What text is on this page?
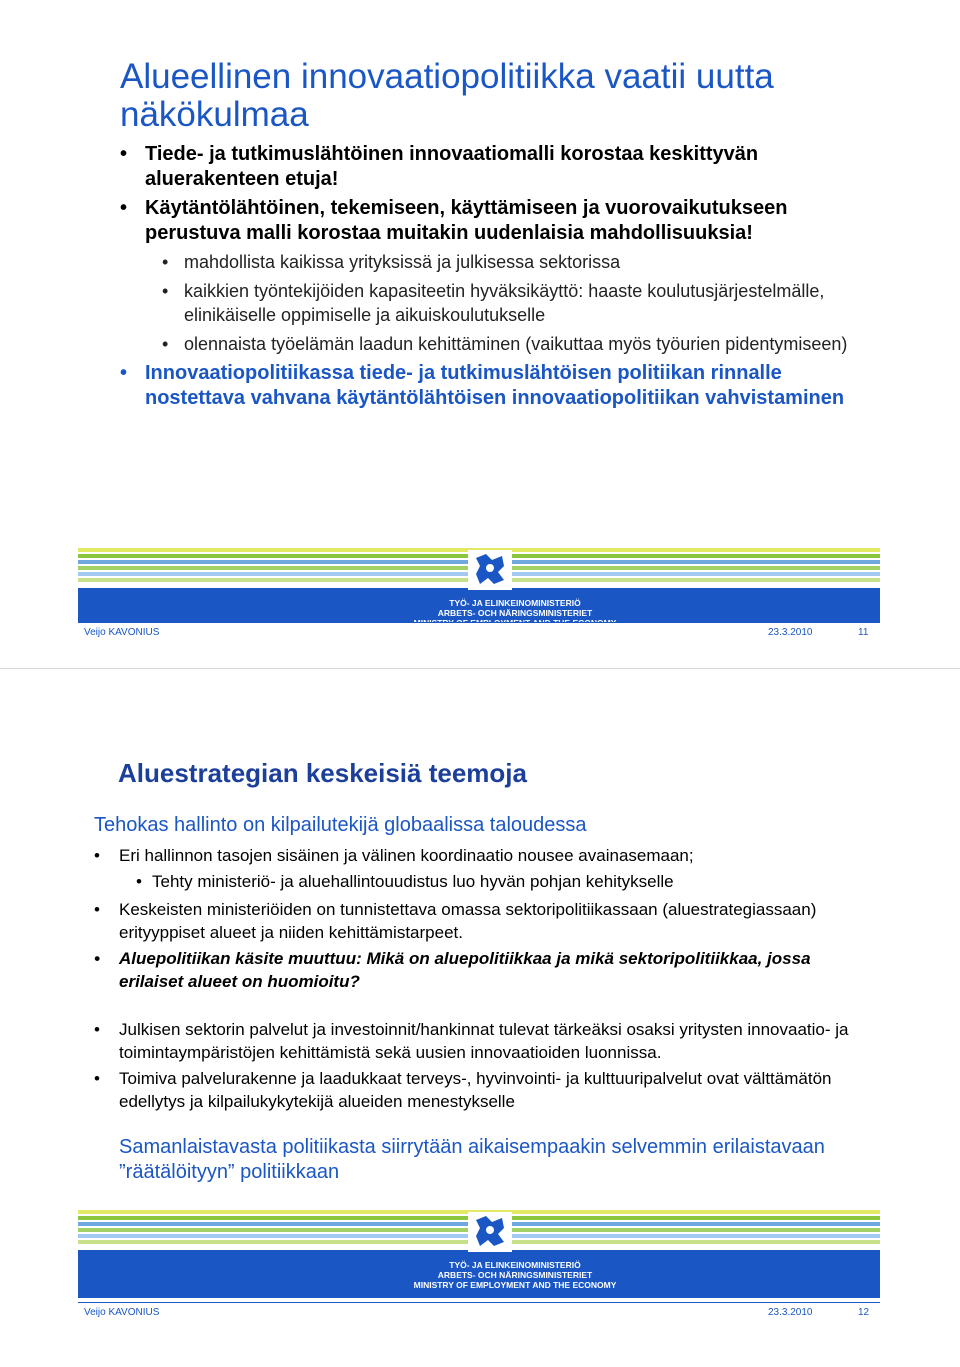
Alueellinen innovaatiopolitiikka vaatii uutta näkökulmaa

• Tiede- ja tutkimuslähtöinen innovaatiomalli korostaa keskittyvän aluerakenteen etuja!

• Käytäntölähtöinen, tekemiseen, käyttämiseen ja vuorovaikutukseen perustuva malli korostaa muitakin uudenlaisia mahdollisuuksia!

• mahdollista kaikissa yrityksissä ja julkisessa sektorissa

• kaikkien työntekijöiden kapasiteetin hyväksikäyttö: haaste koulutusjärjestelmälle, elinikäiselle oppimiselle ja aikuiskoulutukselle

• olennaista työelämän laadun kehittäminen (vaikuttaa myös työurien pidentymiseen)

• Innovaatiopolitiikassa tiede- ja tutkimuslähtöisen politiikan rinnalle nostettava vahvana käytäntölähtöisen innovaatiopolitiikan vahvistaminen

TYÖ- JA ELINKEINOMINISTERIÖ
ARBETS- OCH NÄRINGSMINISTERIET
Veijo KAVONIUS	23.3.2010	11
Aluestrategian keskeisiä teemoja

Tehokas hallinto on kilpailutekijä globaalissa taloudessa

• Eri hallinnon tasojen sisäinen ja välinen koordinaatio nousee avainasemaan;

• Tehty ministeriö- ja aluehallintouudistus luo hyvän pohjan kehitykselle

• Keskeisten ministeriöiden on tunnistettava omassa sektoripolitiikassaan (aluestrategiassaan) erityyppiset alueet ja niiden kehittämistarpeet.

• Aluepolitiikan käsite muuttuu: Mikä on aluepolitiikkaa ja mikä sektoripolitiikkaa, jossa erilaiset alueet on huomioitu?

• Julkisen sektorin palvelut ja investoinnit/hankinnat tulevat tärkeäksi osaksi yritysten innovaatio- ja toimintaympäristöjen kehittämistä sekä uusien innovaatioiden luonnissa.

• Toimiva palvelurakenne ja laadukkaat terveys-, hyvinvointi- ja kulttuuripalvelut ovat välttämätön edellytys ja kilpailukykytekijä alueiden menestykselle

Samanlaistavasta politiikasta siirrytään aikaisempaakin selvemmin erilaistavaan ”räätälöityyn” politiikkaan

TYÖ- JA ELINKEINOMINISTERIÖ
ARBETS- OCH NÄRINGSMINISTERIET
MINISTRY OF EMPLOYMENT AND THE ECONOMY
Veijo KAVONIUS	23.3.2010	12
